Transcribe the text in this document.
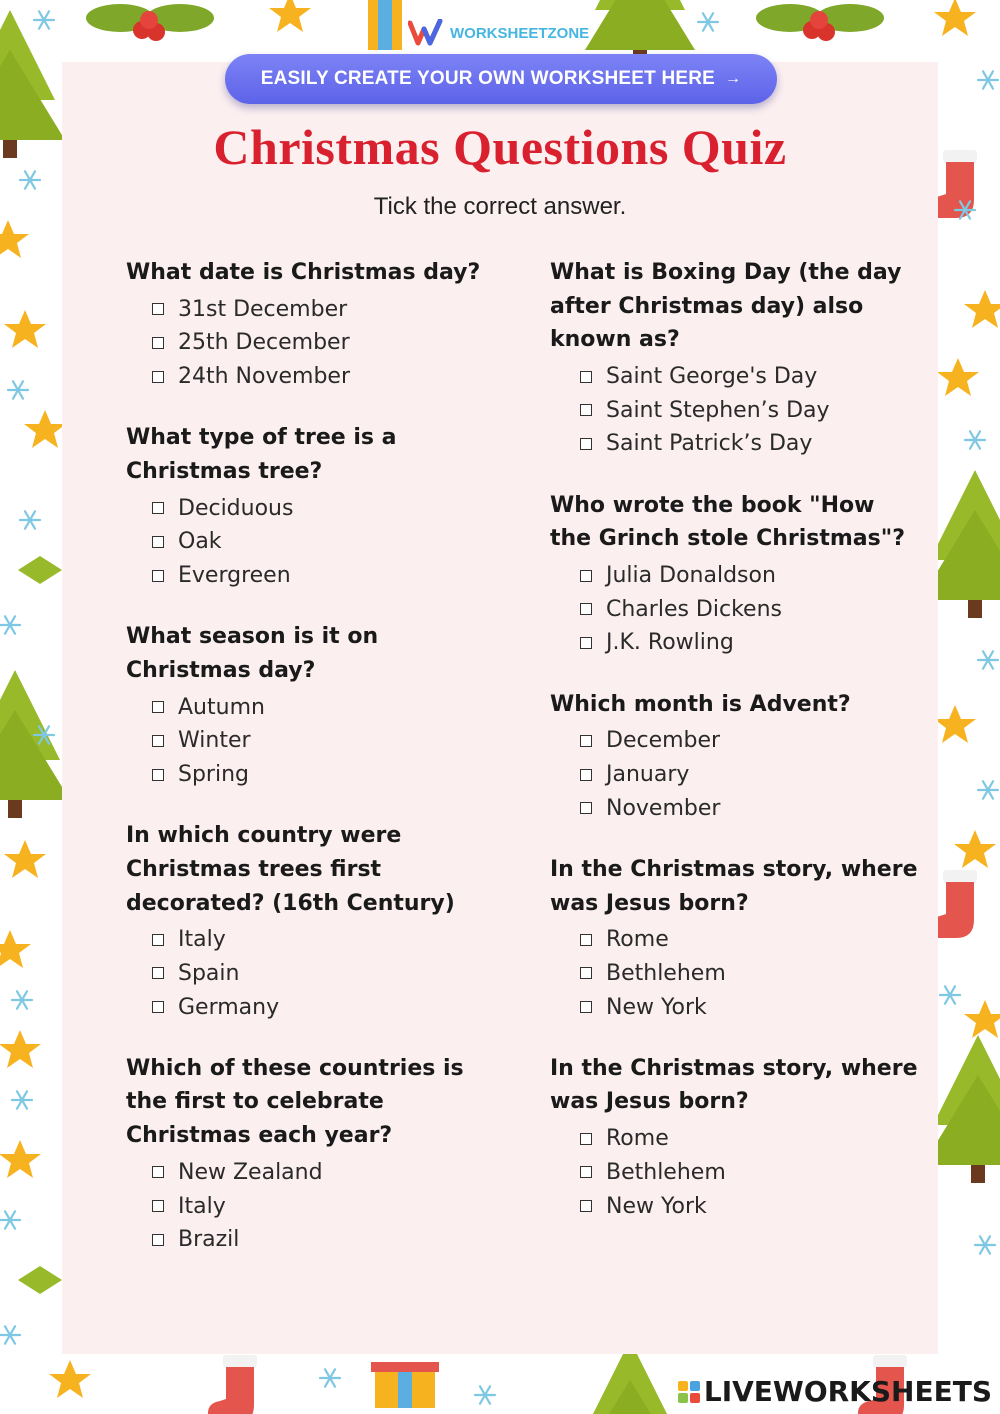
WORKSHEETZONE
EASILY CREATE YOUR OWN WORKSHEET HERE →
Christmas Questions Quiz
Tick the correct answer.
What date is Christmas day?
31st December
25th December
24th November
What type of tree is a Christmas tree?
Deciduous
Oak
Evergreen
What season is it on Christmas day?
Autumn
Winter
Spring
In which country were Christmas trees first decorated? (16th Century)
Italy
Spain
Germany
Which of these countries is the first to celebrate Christmas each year?
New Zealand
Italy
Brazil
What is Boxing Day (the day after Christmas day) also known as?
Saint George's Day
Saint Stephen’s Day
Saint Patrick’s Day
Who wrote the book "How the Grinch stole Christmas"?
Julia Donaldson
Charles Dickens
J.K. Rowling
Which month is Advent?
December
January
November
In the Christmas story, where was Jesus born?
Rome
Bethlehem
New York
In the Christmas story, where was Jesus born?
Rome
Bethlehem
New York
LIVEWORKSHEETS
